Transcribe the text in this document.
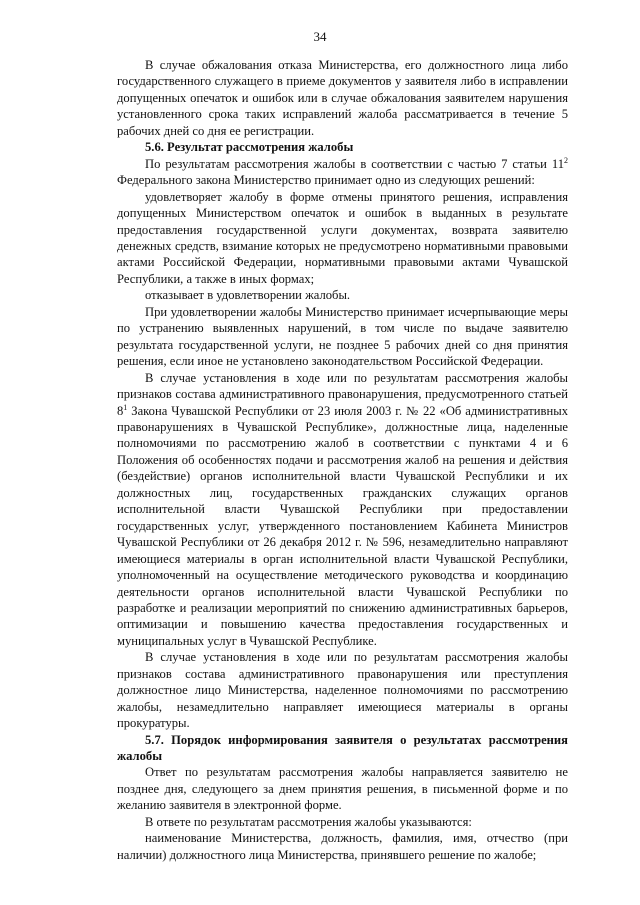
34

В случае обжалования отказа Министерства, его должностного лица либо государственного служащего в приеме документов у заявителя либо в исправлении допущенных опечаток и ошибок или в случае обжалования заявителем нарушения установленного срока таких исправлений жалоба рассматривается в течение 5 рабочих дней со дня ее регистрации.

5.6. Результат рассмотрения жалобы

По результатам рассмотрения жалобы в соответствии с частью 7 статьи $11^2$ Федерального закона Министерство принимает одно из следующих решений:

удовлетворяет жалобу в форме отмены принятого решения, исправления допущенных Министерством опечаток и ошибок в выданных в результате предоставления государственной услуги документах, возврата заявителю денежных средств, взимание которых не предусмотрено нормативными правовыми актами Российской Федерации, нормативными правовыми актами Чувашской Республики, а также в иных формах;

отказывает в удовлетворении жалобы.

При удовлетворении жалобы Министерство принимает исчерпывающие меры по устранению выявленных нарушений, в том числе по выдаче заявителю результата государственной услуги, не позднее 5 рабочих дней со дня принятия решения, если иное не установлено законодательством Российской Федерации.

В случае установления в ходе или по результатам рассмотрения жалобы признаков состава административного правонарушения, предусмотренного статьей $8^1$ Закона Чувашской Республики от 23 июля 2003 г. № 22 «Об административных правонарушениях в Чувашской Республике», должностные лица, наделенные полномочиями по рассмотрению жалоб в соответствии с пунктами 4 и 6 Положения об особенностях подачи и рассмотрения жалоб на решения и действия (бездействие) органов исполнительной власти Чувашской Республики и их должностных лиц, государственных гражданских служащих органов исполнительной власти Чувашской Республики при предоставлении государственных услуг, утвержденного постановлением Кабинета Министров Чувашской Республики от 26 декабря 2012 г. № 596, незамедлительно направляют имеющиеся материалы в орган исполнительной власти Чувашской Республики, уполномоченный на осуществление методического руководства и координацию деятельности органов исполнительной власти Чувашской Республики по разработке и реализации мероприятий по снижению административных барьеров, оптимизации и повышению качества предоставления государственных и муниципальных услуг в Чувашской Республике.

В случае установления в ходе или по результатам рассмотрения жалобы признаков состава административного правонарушения или преступления должностное лицо Министерства, наделенное полномочиями по рассмотрению жалобы, незамедлительно направляет имеющиеся материалы в органы прокуратуры.

5.7. Порядок информирования заявителя о результатах рассмотрения жалобы

Ответ по результатам рассмотрения жалобы направляется заявителю не позднее дня, следующего за днем принятия решения, в письменной форме и по желанию заявителя в электронной форме.

В ответе по результатам рассмотрения жалобы указываются:

наименование Министерства, должность, фамилия, имя, отчество (при наличии) должностного лица Министерства, принявшего решение по жалобе;
